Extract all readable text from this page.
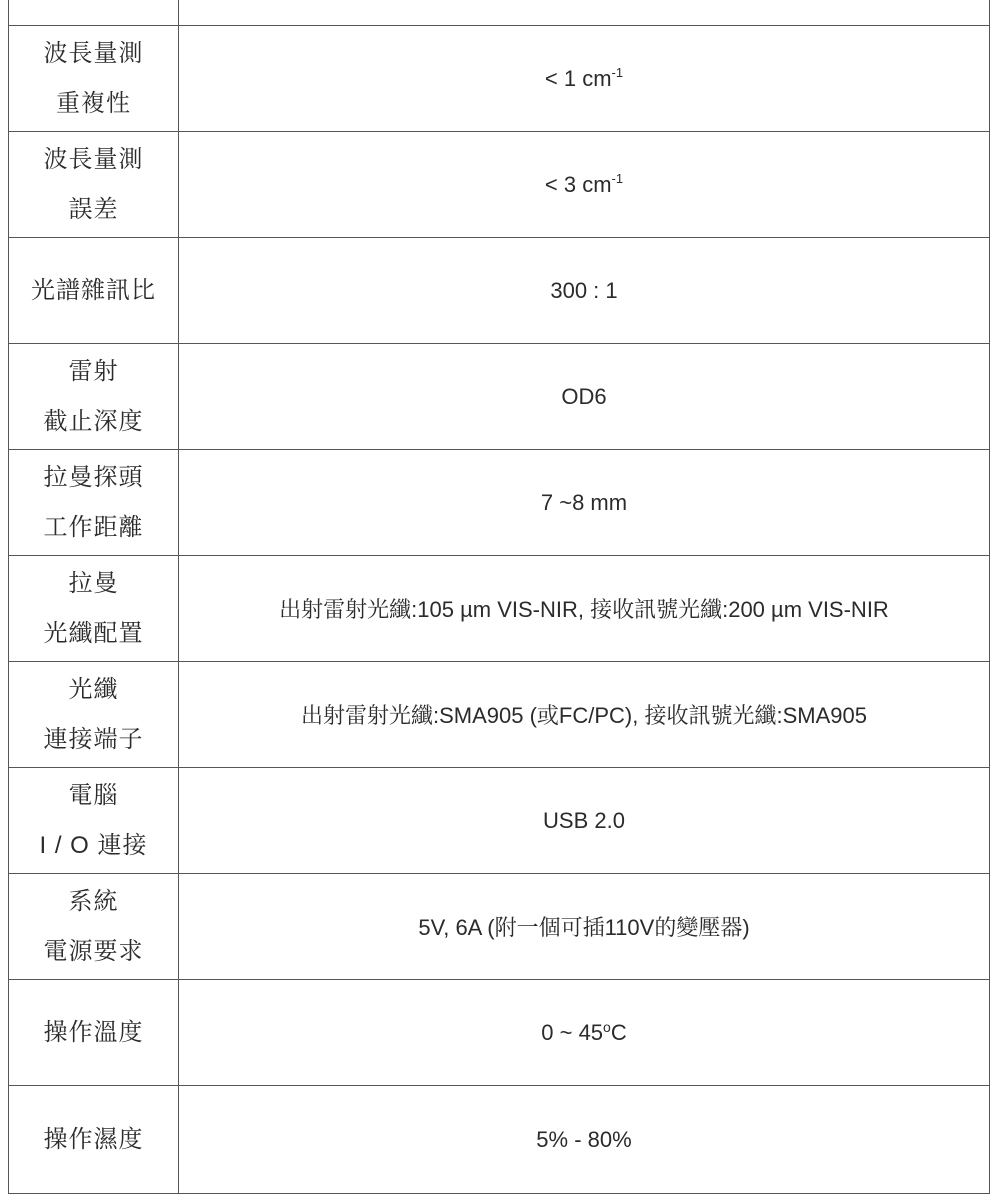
波長量測
重複性	< 1 $cm^{-1}$

波長量測
誤差	< 3 $cm^{-1}$

光譜雜訊比	300 : 1

雷射
截止深度	OD6

拉曼探頭
工作距離	7 ~8 mm

拉曼
光纖配置	出射雷射光纖:105 µm VIS-NIR, 接收訊號光纖:200 µm VIS-NIR

光纖
連接端子	出射雷射光纖:SMA905 (或FC/PC), 接收訊號光纖:SMA905

電腦
I / O 連接	USB 2.0

系統
電源要求	5V, 6A (附一個可插110V的變壓器)

操作溫度	0 ~ 45$^o$C

操作濕度	5% - 80%
